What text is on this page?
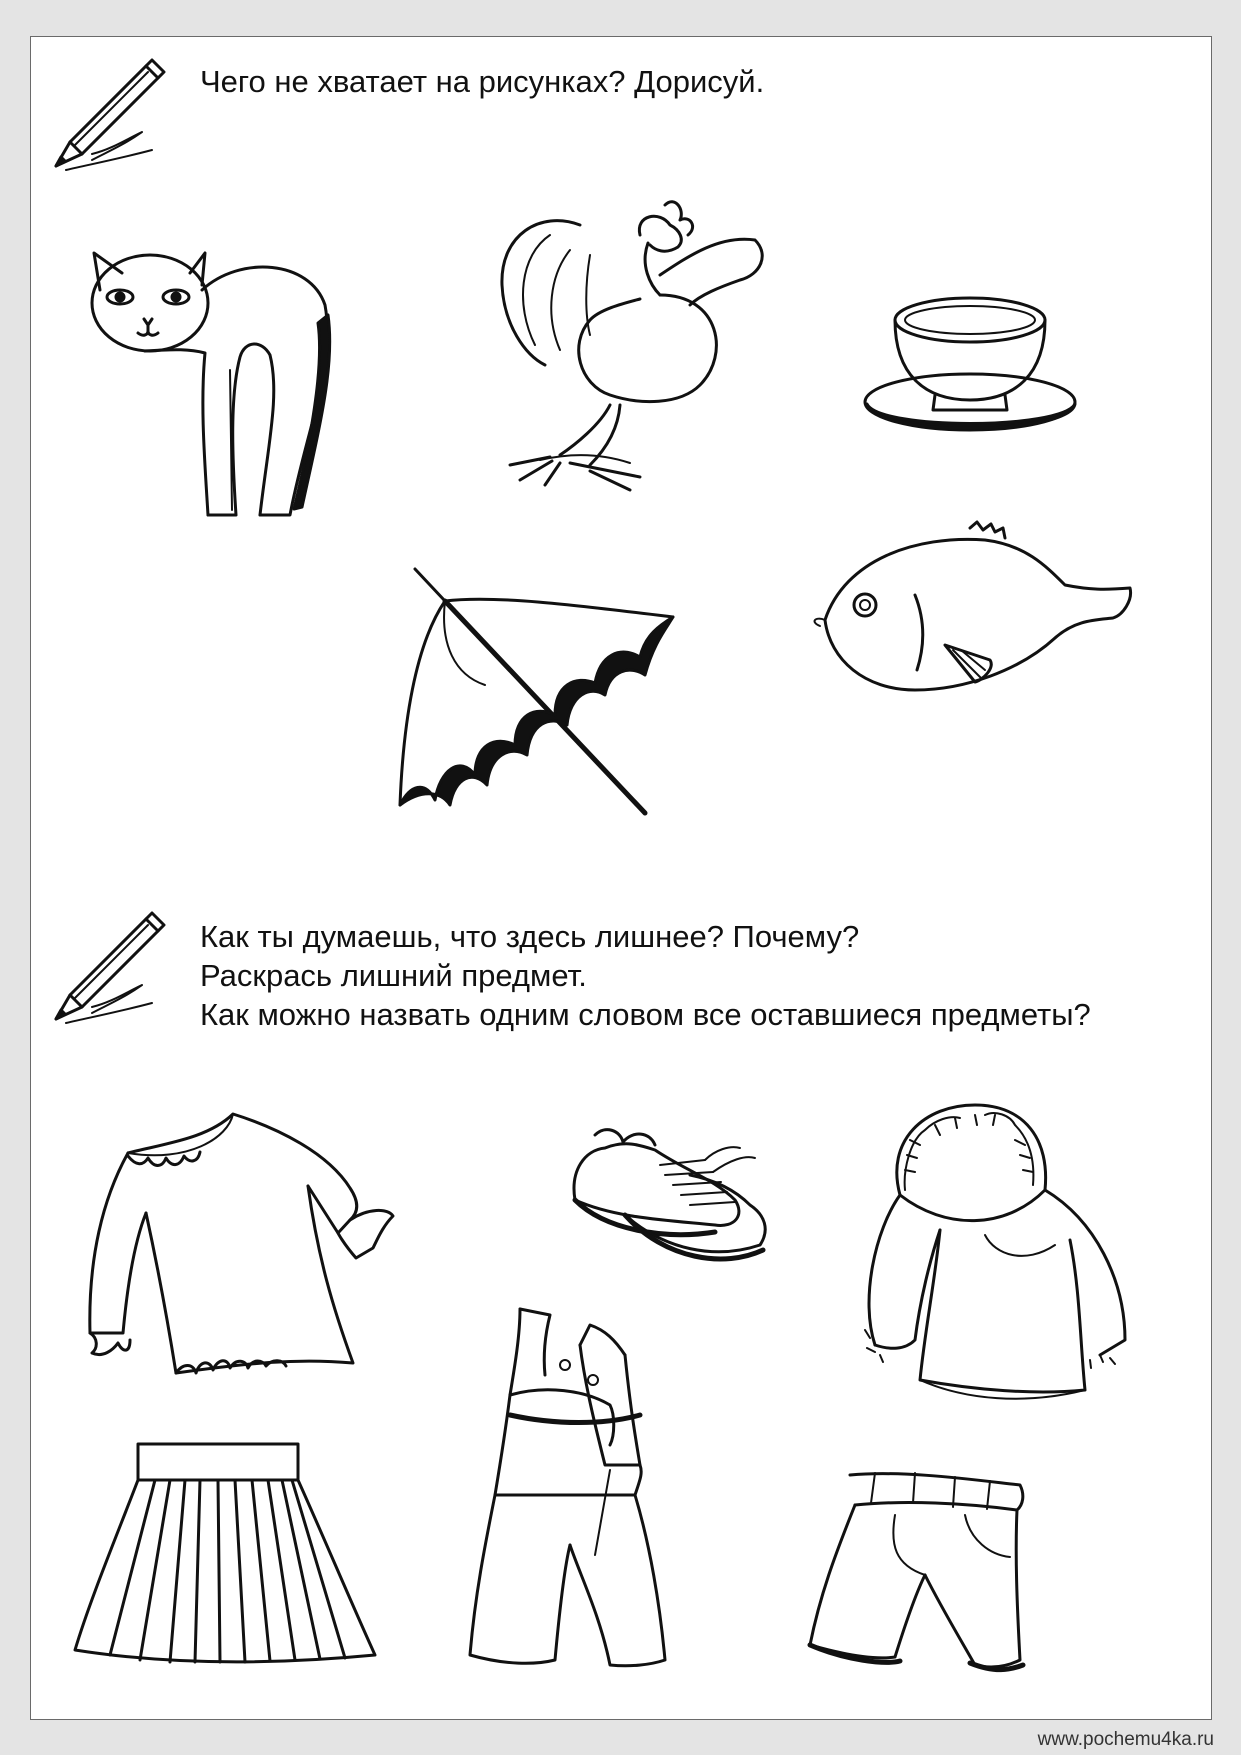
Чего не хватает на рисунках? Дорисуй.
Как ты думаешь, что здесь лишнее? Почему?
Раскрась лишний предмет.
Как можно назвать одним словом все оставшиеся предметы?
www.pochemu4ka.ru
